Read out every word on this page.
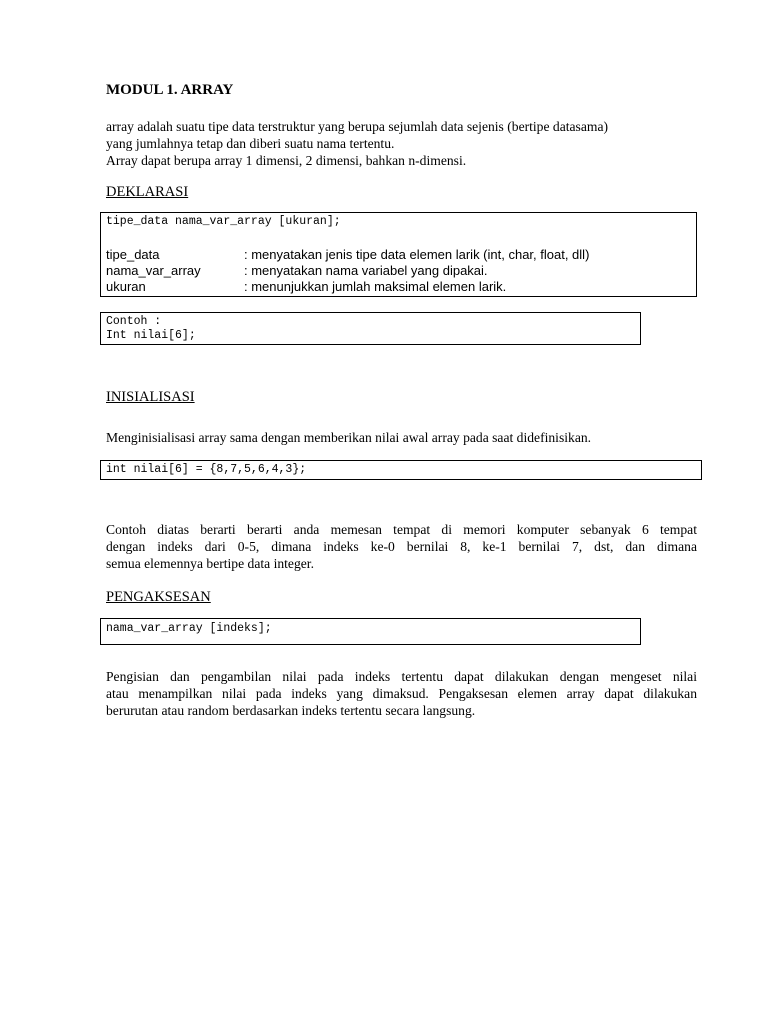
MODUL 1. ARRAY
array adalah suatu tipe data terstruktur yang berupa sejumlah data sejenis (bertipe datasama)
yang jumlahnya tetap dan diberi suatu nama tertentu.
Array dapat berupa array 1 dimensi, 2 dimensi, bahkan n-dimensi.
DEKLARASI
tipe_data nama_var_array [ukuran];
tipe_data	: menyatakan jenis tipe data elemen larik (int, char, float, dll)
nama_var_array	: menyatakan nama variabel yang dipakai.
ukuran	: menunjukkan jumlah maksimal elemen larik.
Contoh :
Int nilai[6];
INISIALISASI
Menginisialisasi array sama dengan memberikan nilai awal array pada saat didefinisikan.
int nilai[6] = {8,7,5,6,4,3};
Contoh diatas berarti berarti anda memesan tempat di memori komputer sebanyak 6 tempat
dengan indeks dari 0-5, dimana indeks ke-0 bernilai 8, ke-1 bernilai 7, dst, dan dimana
semua elemennya bertipe data integer.
PENGAKSESAN
nama_var_array [indeks];
Pengisian dan pengambilan nilai pada indeks tertentu dapat dilakukan dengan mengeset nilai
atau menampilkan nilai pada indeks yang dimaksud. Pengaksesan elemen array dapat dilakukan
berurutan atau random berdasarkan indeks tertentu secara langsung.
